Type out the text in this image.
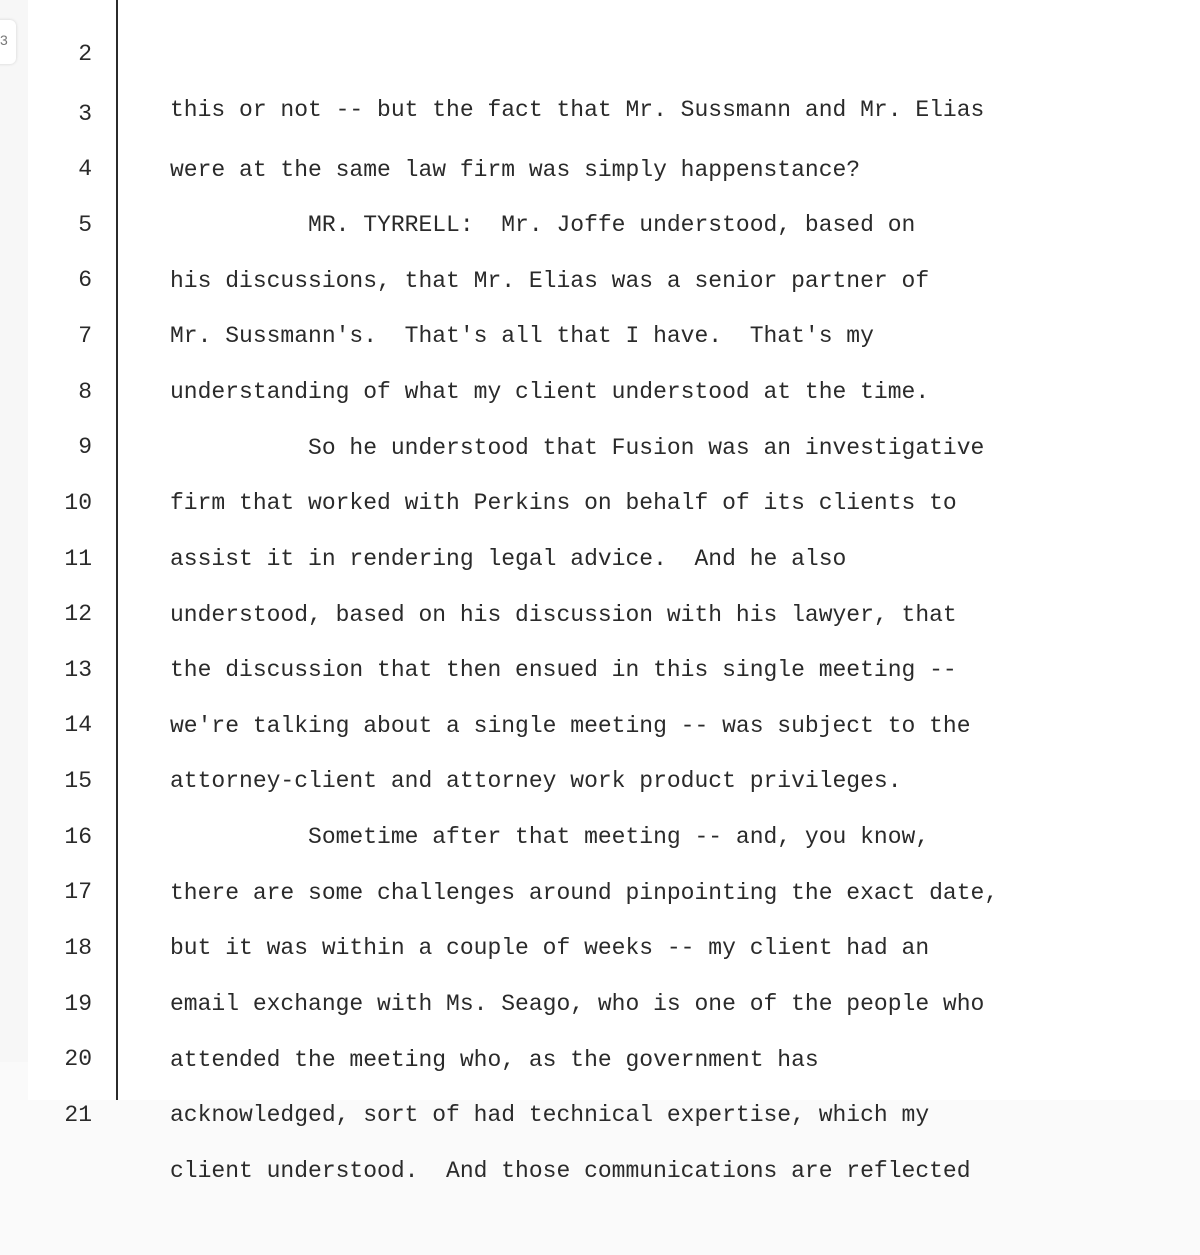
3

2

this or not -- but the fact that Mr. Sussmann and Mr. Elias

3

were at the same law firm was simply happenstance?

4

MR. TYRRELL:  Mr. Joffe understood, based on

5

his discussions, that Mr. Elias was a senior partner of

6

Mr. Sussmann's.  That's all that I have.  That's my

7

understanding of what my client understood at the time.

8

So he understood that Fusion was an investigative

9

firm that worked with Perkins on behalf of its clients to

10

assist it in rendering legal advice.  And he also

11

understood, based on his discussion with his lawyer, that

12

the discussion that then ensued in this single meeting --

13

we're talking about a single meeting -- was subject to the

14

attorney-client and attorney work product privileges.

15

Sometime after that meeting -- and, you know,

16

there are some challenges around pinpointing the exact date,

17

but it was within a couple of weeks -- my client had an

18

email exchange with Ms. Seago, who is one of the people who

19

attended the meeting who, as the government has

20

acknowledged, sort of had technical expertise, which my

21

client understood.  And those communications are reflected
